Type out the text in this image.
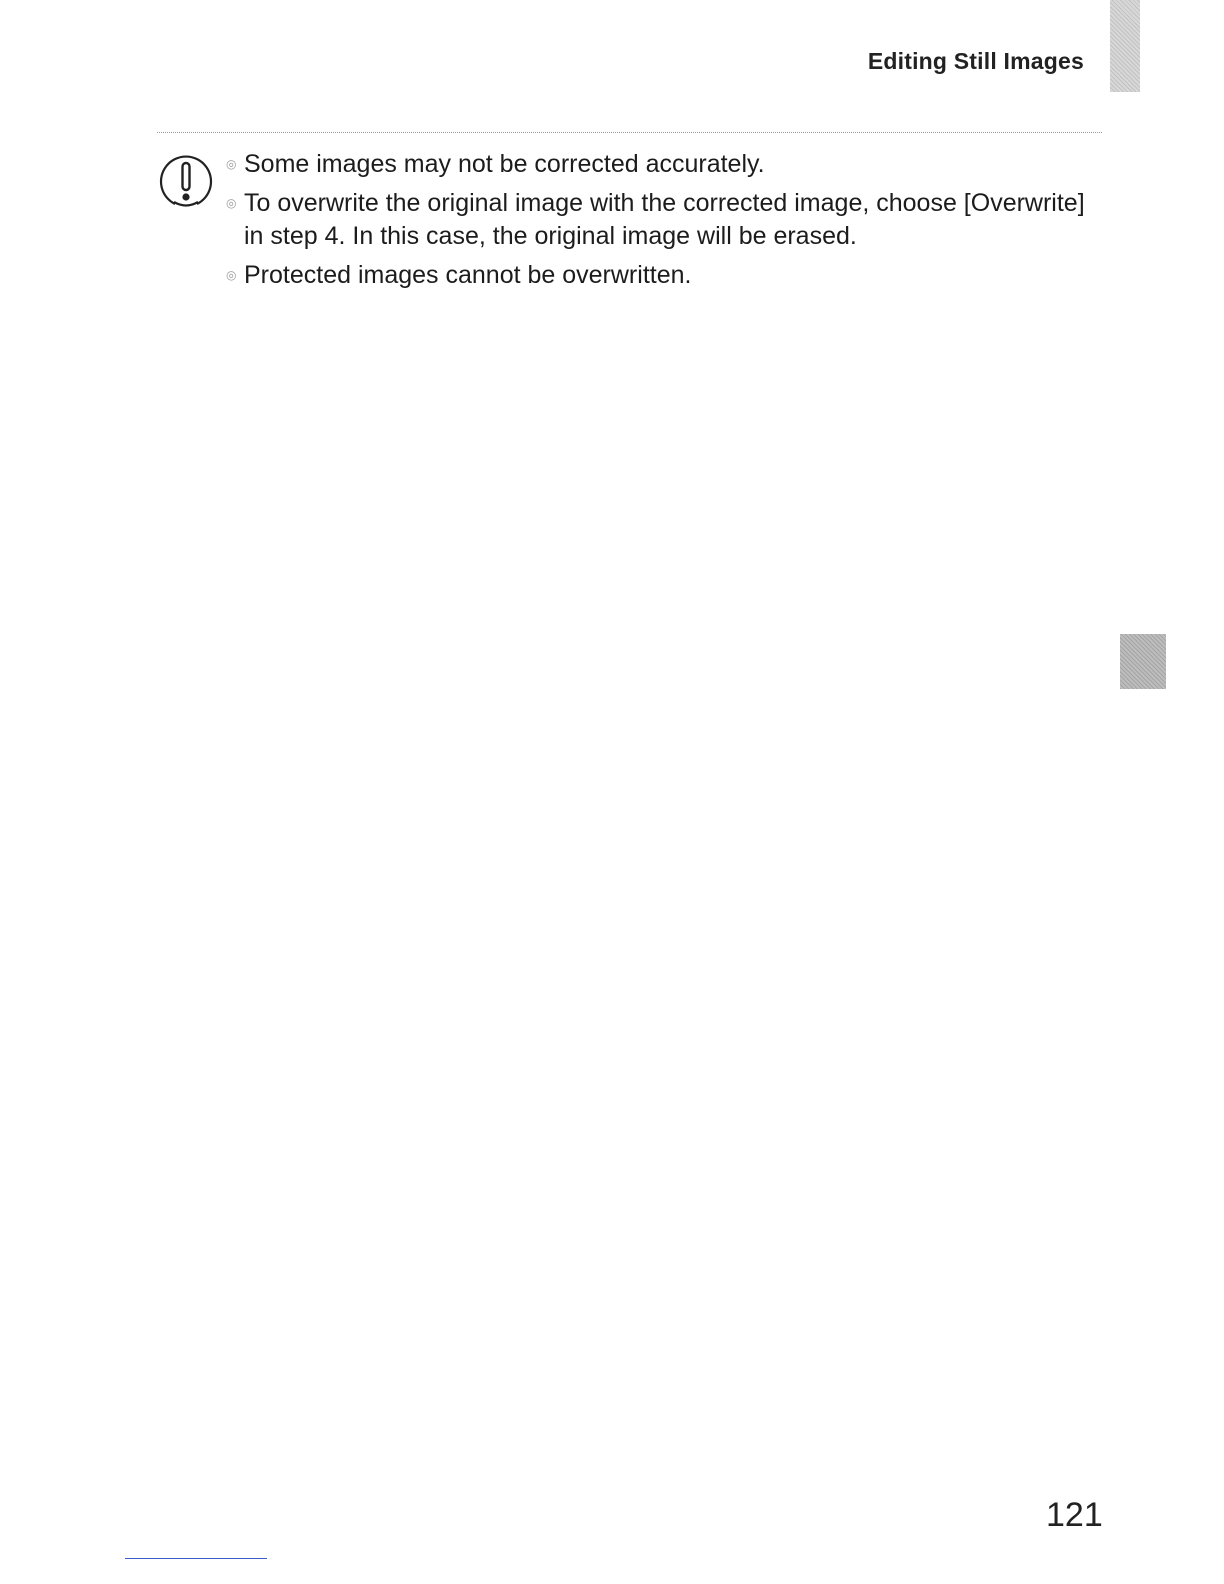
Editing Still Images
◎ Some images may not be corrected accurately.
◎ To overwrite the original image with the corrected image, choose [Overwrite] in step 4. In this case, the original image will be erased.
◎ Protected images cannot be overwritten.
121
